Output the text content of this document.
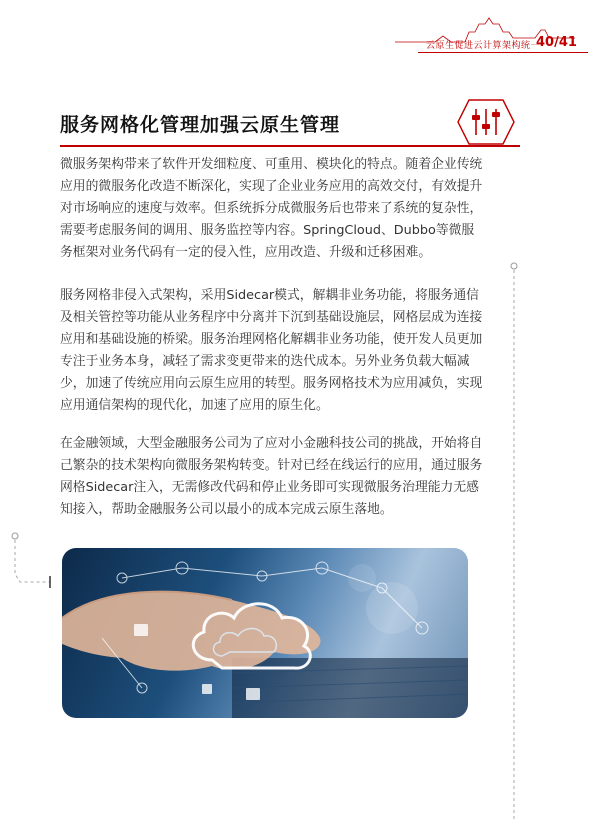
云原生促进云计算架构统一
40/41
服务网格化管理加强云原生管理
微服务架构带来了软件开发细粒度、可重用、模块化的特点。随着企业传统
应用的微服务化改造不断深化，实现了企业业务应用的高效交付，有效提升
对市场响应的速度与效率。但系统拆分成微服务后也带来了系统的复杂性，
需要考虑服务间的调用、服务监控等内容。SpringCloud、Dubbo等微服
务框架对业务代码有一定的侵入性，应用改造、升级和迁移困难。
服务网格非侵入式架构，采用Sidecar模式，解耦非业务功能，将服务通信
及相关管控等功能从业务程序中分离并下沉到基础设施层，网格层成为连接
应用和基础设施的桥梁。服务治理网格化解耦非业务功能，使开发人员更加
专注于业务本身，减轻了需求变更带来的迭代成本。另外业务负载大幅减
少，加速了传统应用向云原生应用的转型。服务网格技术为应用减负，实现
应用通信架构的现代化，加速了应用的原生化。
在金融领域，大型金融服务公司为了应对小金融科技公司的挑战，开始将自
己繁杂的技术架构向微服务架构转变。针对已经在线运行的应用，通过服务
网格Sidecar注入，无需修改代码和停止业务即可实现微服务治理能力无感
知接入，帮助金融服务公司以最小的成本完成云原生落地。
